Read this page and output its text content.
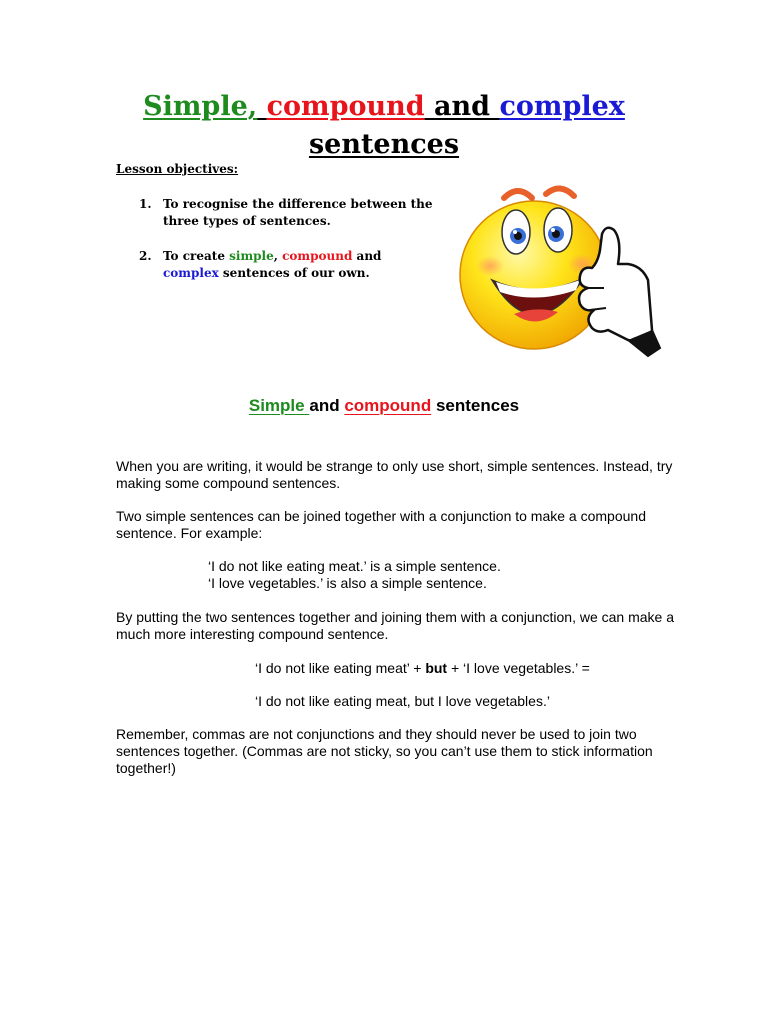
Simple, compound and complex
sentences
Lesson objectives:
1. To recognise the difference between the three types of sentences.
2. To create simple, compound and
complex sentences of our own.
Simple and compound sentences
When you are writing, it would be strange to only use short, simple sentences. Instead, try making some compound sentences.
Two simple sentences can be joined together with a conjunction to make a compound sentence. For example:
‘I do not like eating meat.’ is a simple sentence.
‘I love vegetables.’ is also a simple sentence.
By putting the two sentences together and joining them with a conjunction, we can make a much more interesting compound sentence.
‘I do not like eating meat’ + but + ‘I love vegetables.’ =
‘I do not like eating meat, but I love vegetables.’
Remember, commas are not conjunctions and they should never be used to join two sentences together. (Commas are not sticky, so you can’t use them to stick information together!)
